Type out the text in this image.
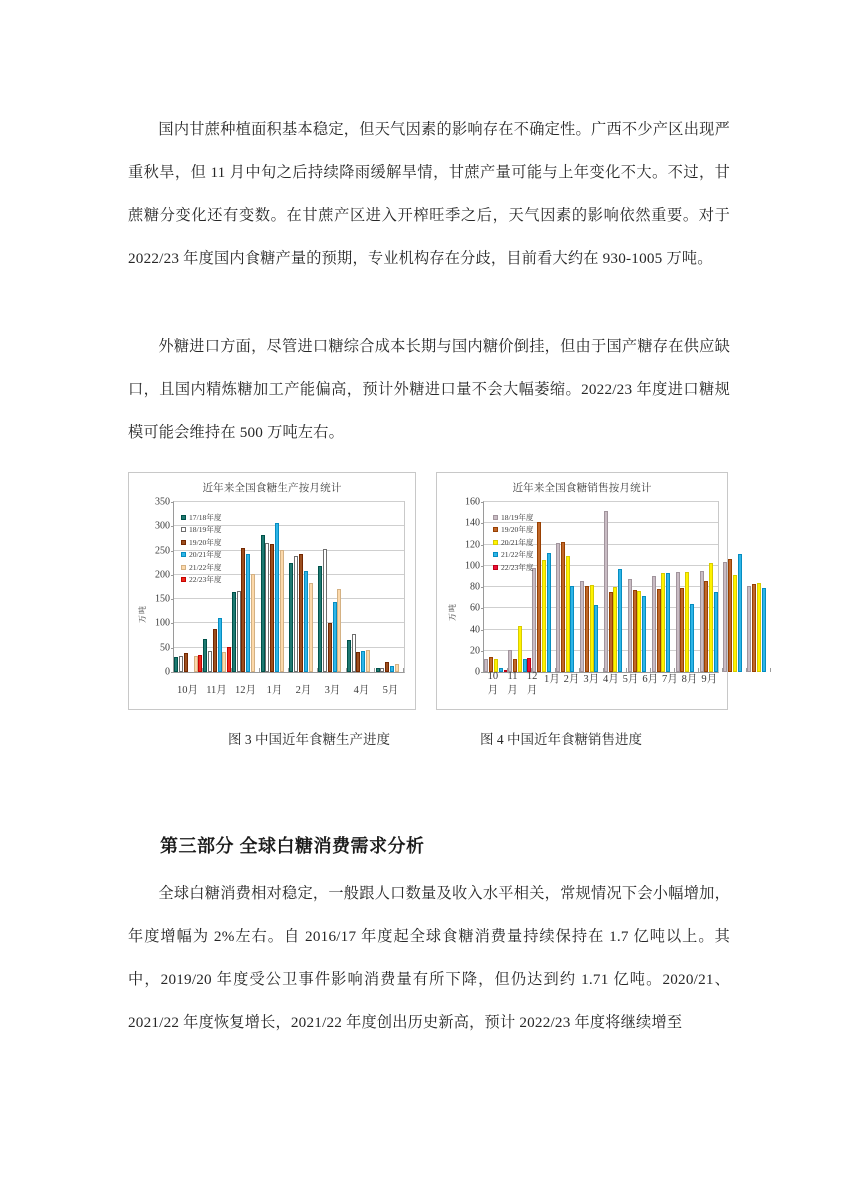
国内甘蔗种植面积基本稳定，但天气因素的影响存在不确定性。广西不少产区出现严重秋旱，但 11 月中旬之后持续降雨缓解旱情，甘蔗产量可能与上年变化不大。不过，甘蔗糖分变化还有变数。在甘蔗产区进入开榨旺季之后，天气因素的影响依然重要。对于 2022/23 年度国内食糖产量的预期，专业机构存在分歧，目前看大约在 930-1005 万吨。

外糖进口方面，尽管进口糖综合成本长期与国内糖价倒挂，但由于国产糖存在供应缺口，且国内精炼糖加工产能偏高，预计外糖进口量不会大幅萎缩。2022/23 年度进口糖规模可能会维持在 500 万吨左右。

近年来全国食糖生产按月统计
万吨
0
50
100
150
200
250
300
350
17/18年度
18/19年度
19/20年度
20/21年度
21/22年度
22/23年度
10月 11月 12月	1月	2月	3月	4月	5月
近年来全国食糖销售按月统计
万吨
0
20
40
60
80
100
120
140
160
18/19年度
19/20年度
20/21年度
21/22年度
22/23年度
10月
11月
12月
1月 2月 3月 4月 5月 6月 7月 8月 9月
图 3 中国近年食糖生产进度	图 4 中国近年食糖销售进度
第三部分 全球白糖消费需求分析

全球白糖消费相对稳定，一般跟人口数量及收入水平相关，常规情况下会小幅增加，年度增幅为 2%左右。自 2016/17 年度起全球食糖消费量持续保持在 1.7 亿吨以上。其中，2019/20 年度受公卫事件影响消费量有所下降，但仍达到约 1.71 亿吨。2020/21、2021/22 年度恢复增长，2021/22 年度创出历史新高，预计 2022/23 年度将继续增至
